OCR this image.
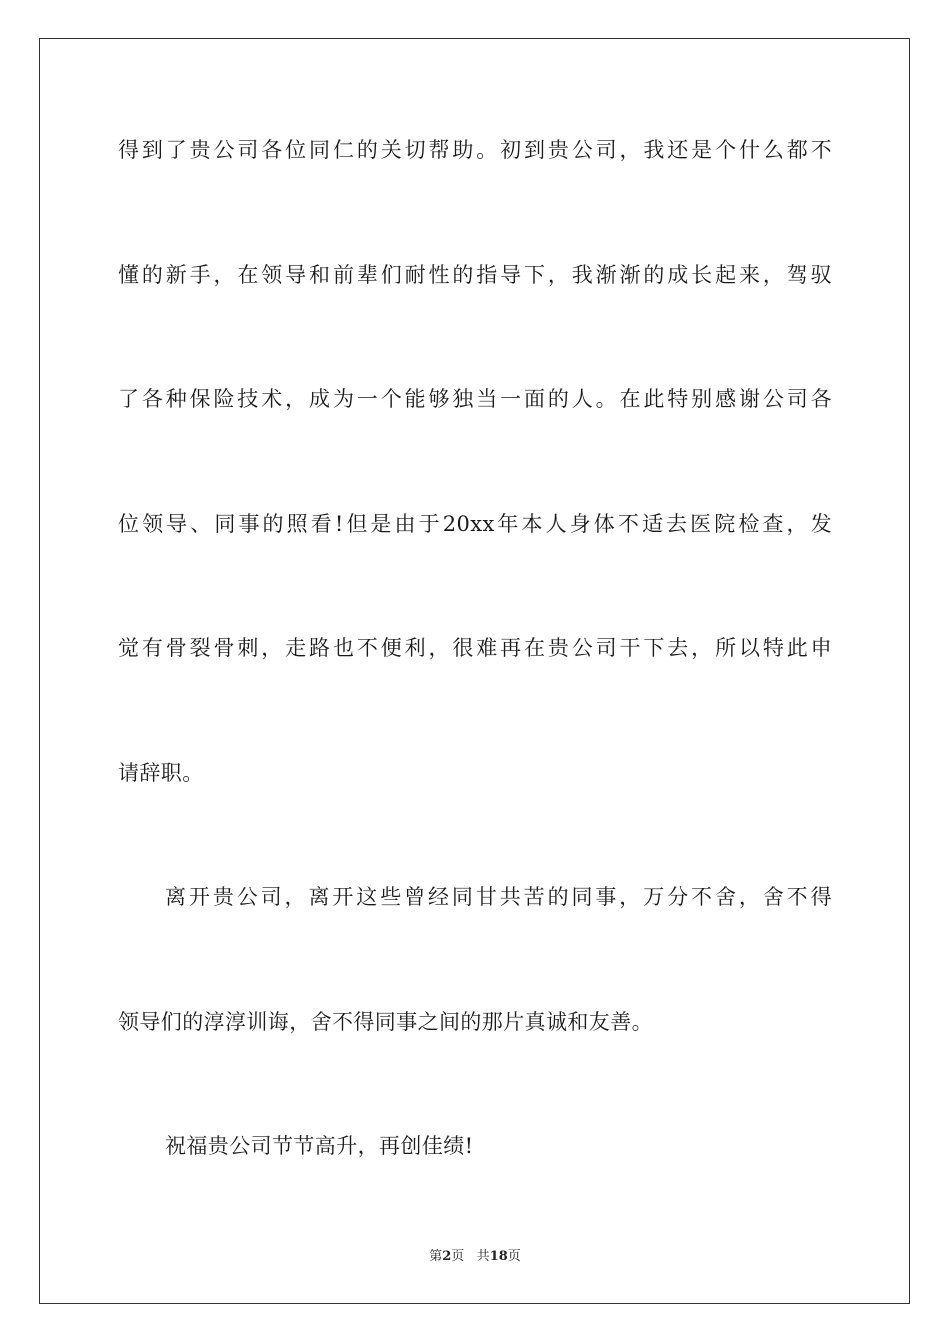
得到了贵公司各位同仁的关切帮助。初到贵公司，我还是个什么都不
懂的新手，在领导和前辈们耐性的指导下，我渐渐的成长起来，驾驭
了各种保险技术，成为一个能够独当一面的人。在此特别感谢公司各
位领导、同事的照看!但是由于20xx年本人身体不适去医院检查，发
觉有骨裂骨刺，走路也不便利，很难再在贵公司干下去，所以特此申
请辞职。
离开贵公司，离开这些曾经同甘共苦的同事，万分不舍，舍不得
领导们的淳淳训诲，舍不得同事之间的那片真诚和友善。
祝福贵公司节节高升，再创佳绩!
第2页 共18页
